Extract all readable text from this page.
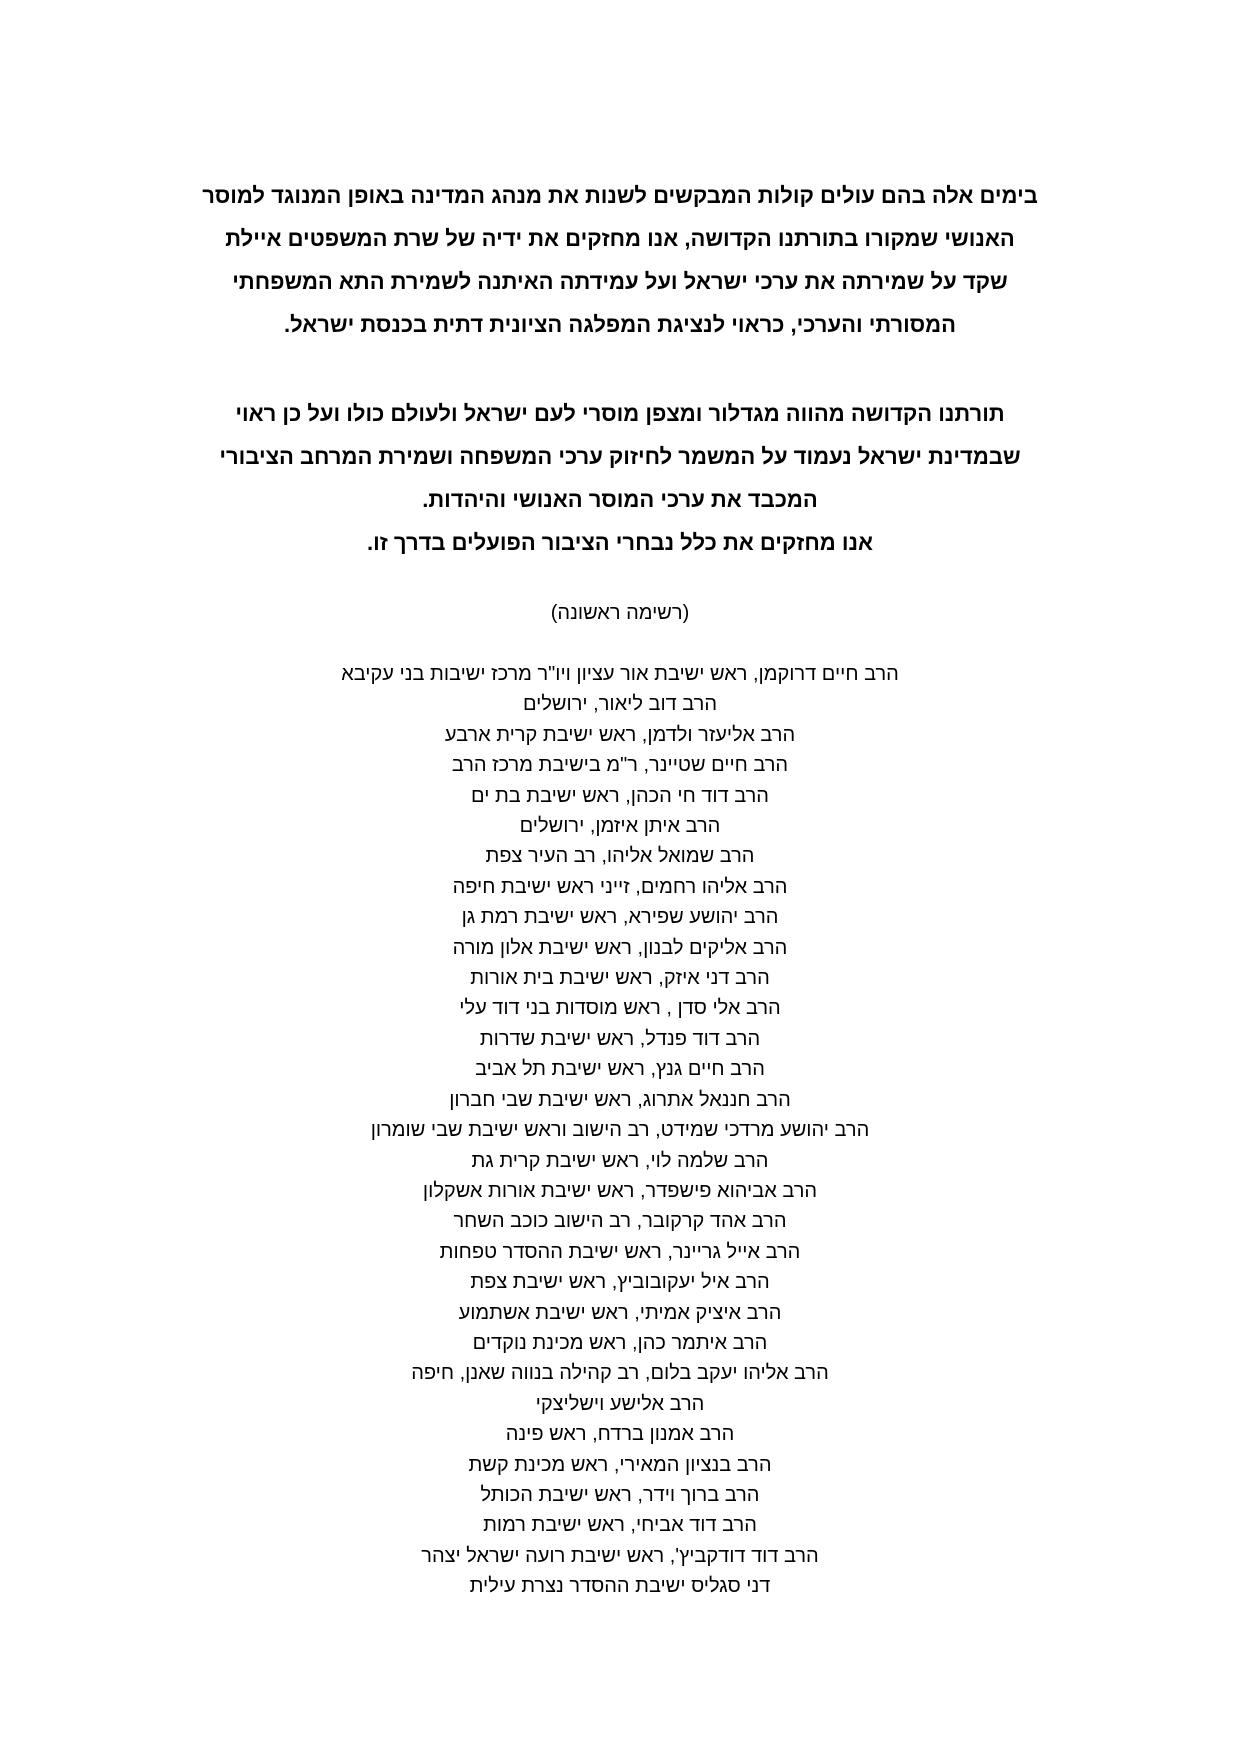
בימים אלה בהם עולים קולות המבקשים לשנות את מנהג המדינה באופן המנוגד למוסר

האנושי שמקורו בתורתנו הקדושה, אנו מחזקים את ידיה של שרת המשפטים איילת

שקד על שמירתה את ערכי ישראל ועל עמידתה האיתנה לשמירת התא המשפחתי

המסורתי והערכי, כראוי לנציגת המפלגה הציונית דתית בכנסת ישראל.

תורתנו הקדושה מהווה מגדלור ומצפן מוסרי לעם ישראל ולעולם כולו ועל כן ראוי

שבמדינת ישראל נעמוד על המשמר לחיזוק ערכי המשפחה ושמירת המרחב הציבורי

המכבד את ערכי המוסר האנושי והיהדות.

אנו מחזקים את כלל נבחרי הציבור הפועלים בדרך זו.

(רשימה ראשונה)
הרב חיים דרוקמן, ראש ישיבת אור עציון ויו"ר מרכז ישיבות בני עקיבא
הרב דוב ליאור, ירושלים
הרב אליעזר ולדמן, ראש ישיבת קרית ארבע
הרב חיים שטיינר, ר"מ בישיבת מרכז הרב
הרב דוד חי הכהן, ראש ישיבת בת ים
הרב איתן איזמן, ירושלים
הרב שמואל אליהו, רב העיר צפת
הרב אליהו רחמים, זייני ראש ישיבת חיפה
הרב יהושע שפירא, ראש ישיבת רמת גן
הרב אליקים לבנון, ראש ישיבת אלון מורה
הרב דני איזק, ראש ישיבת בית אורות
הרב אלי סדן , ראש מוסדות בני דוד עלי
הרב דוד פנדל, ראש ישיבת שדרות
הרב חיים גנץ, ראש ישיבת תל אביב
הרב חננאל אתרוג, ראש ישיבת שבי חברון
הרב יהושע מרדכי שמידט, רב הישוב וראש ישיבת שבי שומרון
הרב שלמה לוי, ראש ישיבת קרית גת
הרב אביהוא פישפדר, ראש ישיבת אורות אשקלון
הרב אהד קרקובר, רב הישוב כוכב השחר
הרב אייל גריינר, ראש ישיבת ההסדר טפחות
הרב איל יעקובוביץ, ראש ישיבת צפת
הרב איציק אמיתי, ראש ישיבת אשתמוע
הרב איתמר כהן, ראש מכינת נוקדים
הרב אליהו יעקב בלום, רב קהילה בנווה שאנן, חיפה
הרב אלישע וישליצקי
הרב אמנון ברדח, ראש פינה
הרב בנציון המאירי, ראש מכינת קשת
הרב ברוך וידר, ראש ישיבת הכותל
הרב דוד אביחי, ראש ישיבת רמות
הרב דוד דודקביץ', ראש ישיבת רועה ישראל יצהר
דני סגליס ישיבת ההסדר נצרת עילית
